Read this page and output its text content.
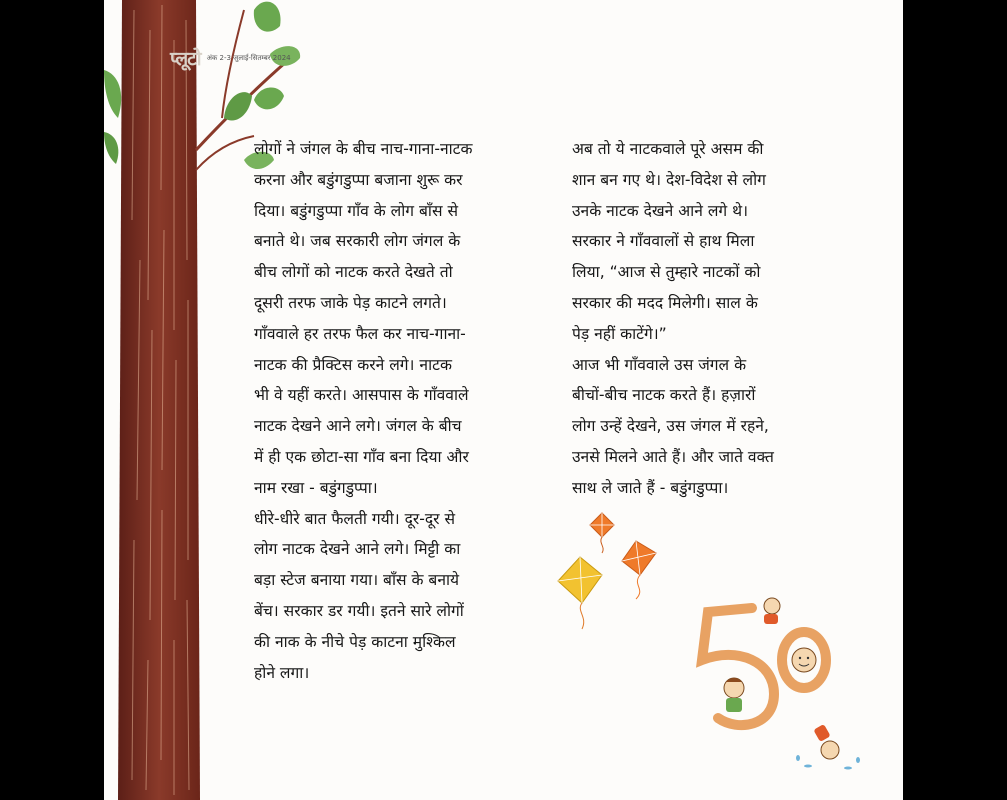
प्लूटो अंक 2-3 जुलाई-सितम्बर 2024
लोगों ने जंगल के बीच नाच-गाना-नाटक
करना और बडुंगडुप्पा बजाना शुरू कर
दिया। बडुंगडुप्पा गाँव के लोग बाँस से
बनाते थे। जब सरकारी लोग जंगल के
बीच लोगों को नाटक करते देखते तो
दूसरी तरफ जाके पेड़ काटने लगते।
गाँववाले हर तरफ फैल कर नाच-गाना-
नाटक की प्रैक्टिस करने लगे। नाटक
भी वे यहीं करते। आसपास के गाँववाले
नाटक देखने आने लगे। जंगल के बीच
में ही एक छोटा-सा गाँव बना दिया और
नाम रखा - बडुंगडुप्पा।
धीरे-धीरे बात फैलती गयी। दूर-दूर से
लोग नाटक देखने आने लगे। मिट्टी का
बड़ा स्टेज बनाया गया। बाँस के बनाये
बेंच। सरकार डर गयी। इतने सारे लोगों
की नाक के नीचे पेड़ काटना मुश्किल
होने लगा।
अब तो ये नाटकवाले पूरे असम की
शान बन गए थे। देश-विदेश से लोग
उनके नाटक देखने आने लगे थे।
सरकार ने गाँववालों से हाथ मिला
लिया, “आज से तुम्हारे नाटकों को
सरकार की मदद मिलेगी। साल के
पेड़ नहीं काटेंगे।”
आज भी गाँववाले उस जंगल के
बीचों-बीच नाटक करते हैं। हज़ारों
लोग उन्हें देखने, उस जंगल में रहने,
उनसे मिलने आते हैं। और जाते वक्त
साथ ले जाते हैं - बडुंगडुप्पा।
